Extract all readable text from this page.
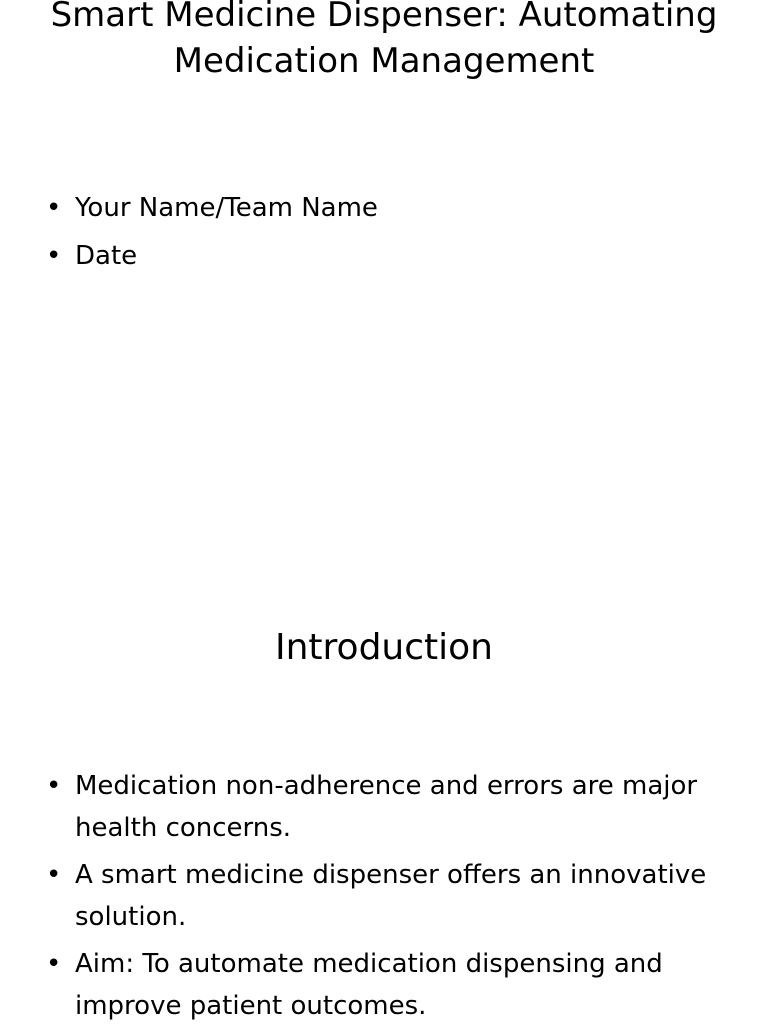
Smart Medicine Dispenser: Automating Medication Management
• Your Name/Team Name
• Date
Introduction
• Medication non-adherence and errors are major health concerns.
• A smart medicine dispenser offers an innovative solution.
• Aim: To automate medication dispensing and improve patient outcomes.
